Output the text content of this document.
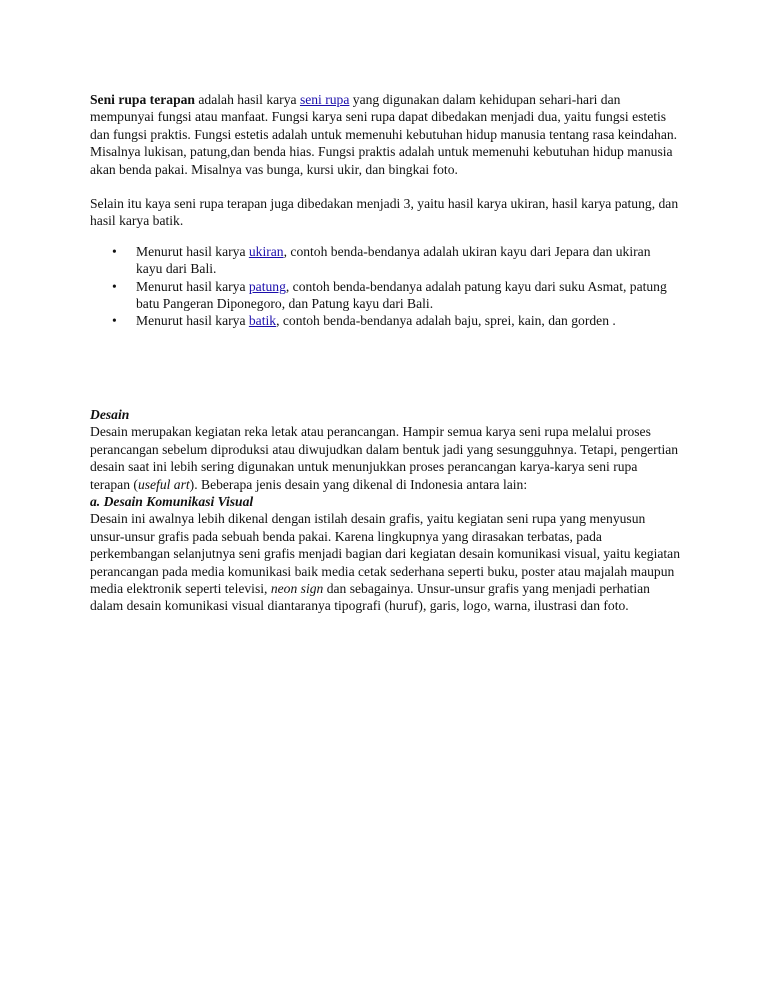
Seni rupa terapan adalah hasil karya seni rupa yang digunakan dalam kehidupan sehari-hari dan mempunyai fungsi atau manfaat. Fungsi karya seni rupa dapat dibedakan menjadi dua, yaitu fungsi estetis dan fungsi praktis. Fungsi estetis adalah untuk memenuhi kebutuhan hidup manusia tentang rasa keindahan. Misalnya lukisan, patung,dan benda hias. Fungsi praktis adalah untuk memenuhi kebutuhan hidup manusia akan benda pakai. Misalnya vas bunga, kursi ukir, dan bingkai foto.

Selain itu kaya seni rupa terapan juga dibedakan menjadi 3, yaitu hasil karya ukiran, hasil karya patung, dan hasil karya batik.

• Menurut hasil karya ukiran, contoh benda-bendanya adalah ukiran kayu dari Jepara dan ukiran kayu dari Bali.
• Menurut hasil karya patung, contoh benda-bendanya adalah patung kayu dari suku Asmat, patung batu Pangeran Diponegoro, dan Patung kayu dari Bali.
• Menurut hasil karya batik, contoh benda-bendanya adalah baju, sprei, kain, dan gorden .

Desain

Desain merupakan kegiatan reka letak atau perancangan. Hampir semua karya seni rupa melalui proses perancangan sebelum diproduksi atau diwujudkan dalam bentuk jadi yang sesungguhnya. Tetapi, pengertian desain saat ini lebih sering digunakan untuk menunjukkan proses perancangan karya-karya seni rupa terapan (useful art). Beberapa jenis desain yang dikenal di Indonesia antara lain:

a. Desain Komunikasi Visual

Desain ini awalnya lebih dikenal dengan istilah desain grafis, yaitu kegiatan seni rupa yang menyusun unsur-unsur grafis pada sebuah benda pakai. Karena lingkupnya yang dirasakan terbatas, pada perkembangan selanjutnya seni grafis menjadi bagian dari kegiatan desain komunikasi visual, yaitu kegiatan perancangan pada media komunikasi baik media cetak sederhana seperti buku, poster atau majalah maupun media elektronik seperti televisi, neon sign dan sebagainya. Unsur-unsur grafis yang menjadi perhatian dalam desain komunikasi visual diantaranya tipografi (huruf), garis, logo, warna, ilustrasi dan foto.
